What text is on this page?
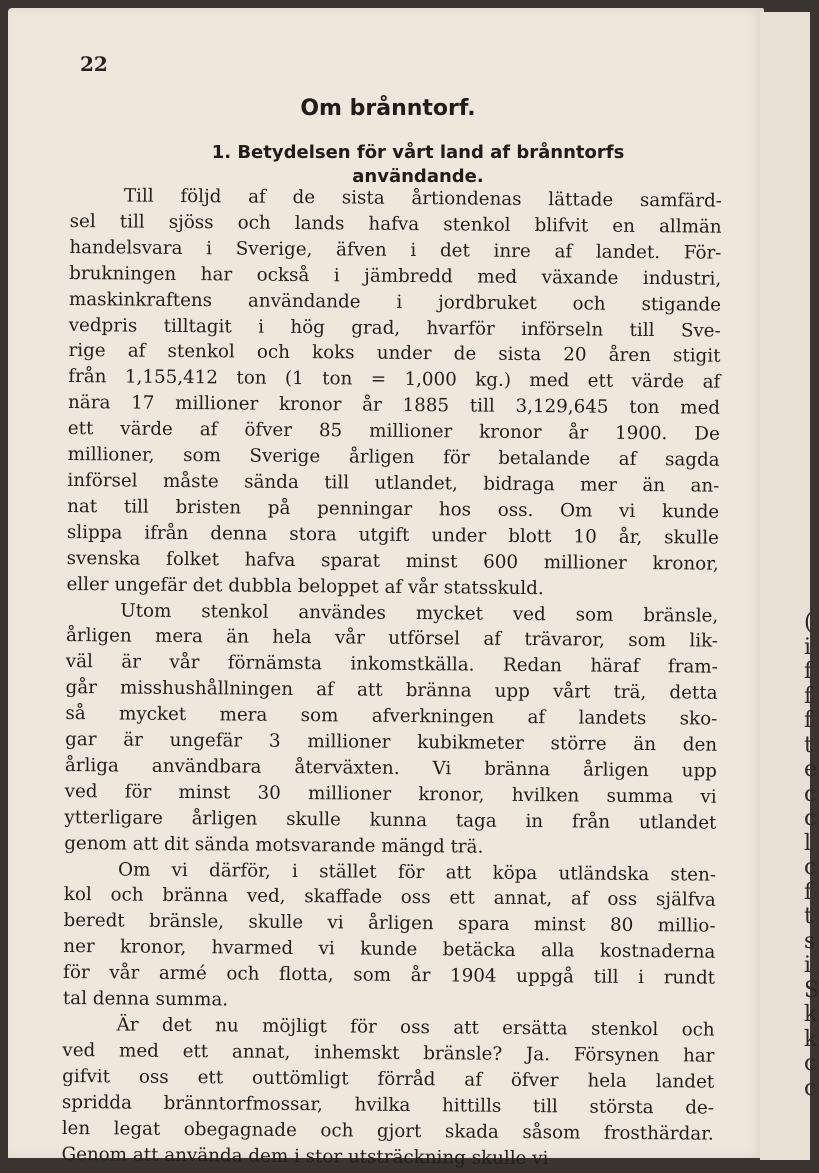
22
Om brånntorf.
1. Betydelsen för vårt land af brånntorfs
användande.
Till följd af de sista årtiondenas lättade samfärd-
sel till sjöss och lands hafva stenkol blifvit en allmän
handelsvara i Sverige, äfven i det inre af landet. För-
brukningen har också i jämbredd med växande industri,
maskinkraftens användande i jordbruket och stigande
vedpris tilltagit i hög grad, hvarför införseln till Sve-
rige af stenkol och koks under de sista 20 åren stigit
från 1,155,412 ton (1 ton = 1,000 kg.) med ett värde af
nära 17 millioner kronor år 1885 till 3,129,645 ton med
ett värde af öfver 85 millioner kronor år 1900. De
millioner, som Sverige årligen för betalande af sagda
införsel måste sända till utlandet, bidraga mer än an-
nat till bristen på penningar hos oss. Om vi kunde
slippa ifrån denna stora utgift under blott 10 år, skulle
svenska folket hafva sparat minst 600 millioner kronor,
eller ungefär det dubbla beloppet af vår statsskuld.
Utom stenkol användes mycket ved som bränsle,
årligen mera än hela vår utförsel af trävaror, som lik-
väl är vår förnämsta inkomstkälla. Redan häraf fram-
går misshushållningen af att bränna upp vårt trä, detta
så mycket mera som afverkningen af landets sko-
gar är ungefär 3 millioner kubikmeter större än den
årliga användbara återväxten. Vi bränna årligen upp
ved för minst 30 millioner kronor, hvilken summa vi
ytterligare årligen skulle kunna taga in från utlandet
genom att dit sända motsvarande mängd trä.
Om vi därför, i stället för att köpa utländska sten-
kol och bränna ved, skaffade oss ett annat, af oss själfva
beredt bränsle, skulle vi årligen spara minst 80 millio-
ner kronor, hvarmed vi kunde betäcka alla kostnaderna
för vår armé och flotta, som år 1904 uppgå till i rundt
tal denna summa.
Är det nu möjligt för oss att ersätta stenkol och
ved med ett annat, inhemskt bränsle? Ja. Försynen har
gifvit oss ett outtömligt förråd af öfver hela landet
spridda bränntorfmossar, hvilka hittills till största de-
len legat obegagnade och gjort skada såsom frosthärdar.
Genom att använda dem i stor utsträckning skulle vi
(
i
f
f
f
t
e
c
c
l
c
f
t
s
i
S
k
k
c
c
